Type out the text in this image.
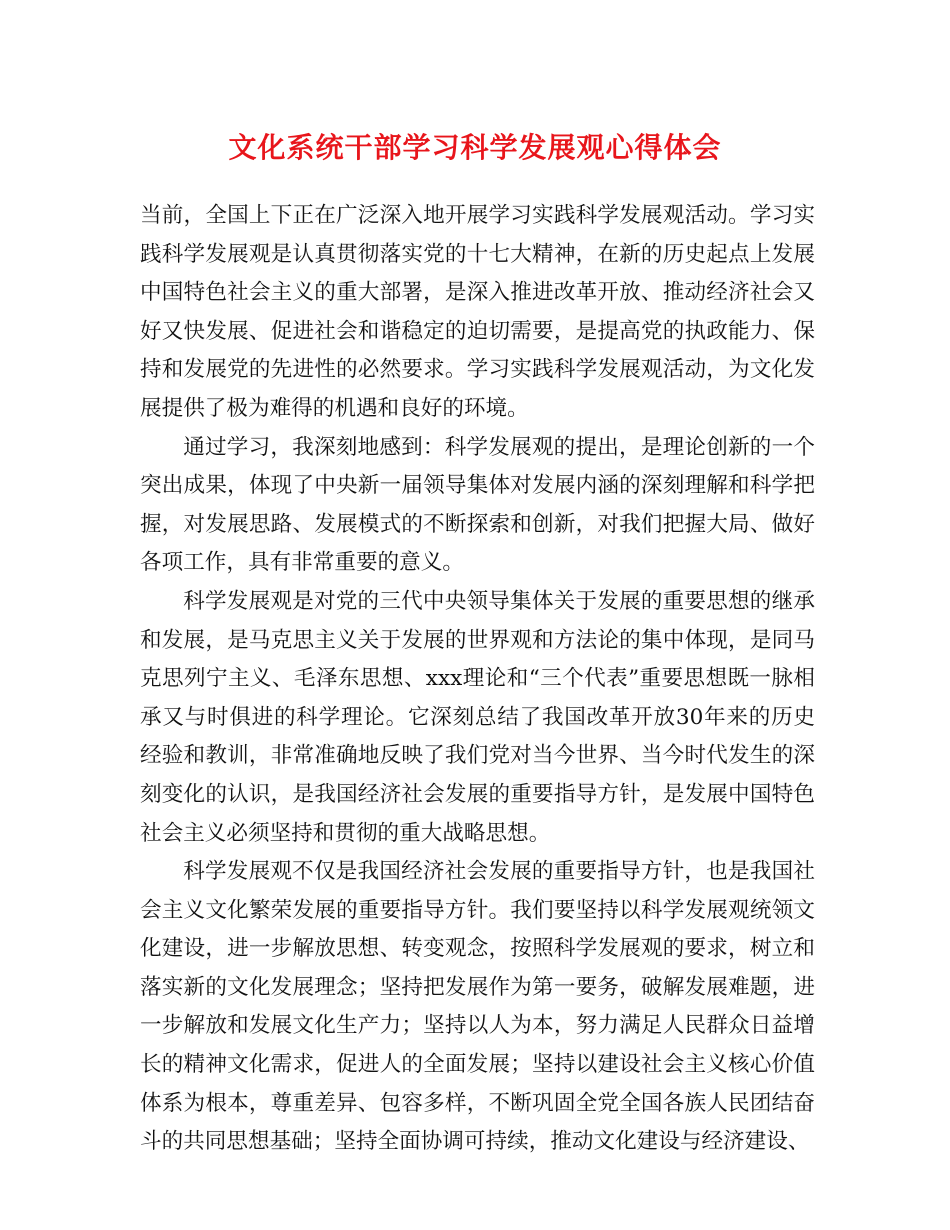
文化系统干部学习科学发展观心得体会

当前，全国上下正在广泛深入地开展学习实践科学发展观活动。学习实践科学发展观是认真贯彻落实党的十七大精神，在新的历史起点上发展中国特色社会主义的重大部署，是深入推进改革开放、推动经济社会又好又快发展、促进社会和谐稳定的迫切需要，是提高党的执政能力、保持和发展党的先进性的必然要求。学习实践科学发展观活动，为文化发展提供了极为难得的机遇和良好的环境。

通过学习，我深刻地感到：科学发展观的提出，是理论创新的一个突出成果，体现了中央新一届领导集体对发展内涵的深刻理解和科学把握，对发展思路、发展模式的不断探索和创新，对我们把握大局、做好各项工作，具有非常重要的意义。

科学发展观是对党的三代中央领导集体关于发展的重要思想的继承和发展，是马克思主义关于发展的世界观和方法论的集中体现，是同马克思列宁主义、毛泽东思想、xxx理论和“三个代表”重要思想既一脉相承又与时俱进的科学理论。它深刻总结了我国改革开放30年来的历史经验和教训，非常准确地反映了我们党对当今世界、当今时代发生的深刻变化的认识，是我国经济社会发展的重要指导方针，是发展中国特色社会主义必须坚持和贯彻的重大战略思想。

科学发展观不仅是我国经济社会发展的重要指导方针，也是我国社会主义文化繁荣发展的重要指导方针。我们要坚持以科学发展观统领文化建设，进一步解放思想、转变观念，按照科学发展观的要求，树立和落实新的文化发展理念；坚持把发展作为第一要务，破解发展难题，进一步解放和发展文化生产力；坚持以人为本，努力满足人民群众日益增长的精神文化需求，促进人的全面发展；坚持以建设社会主义核心价值体系为根本，尊重差异、包容多样，不断巩固全党全国各族人民团结奋斗的共同思想基础；坚持全面协调可持续，推动文化建设与经济建设、
